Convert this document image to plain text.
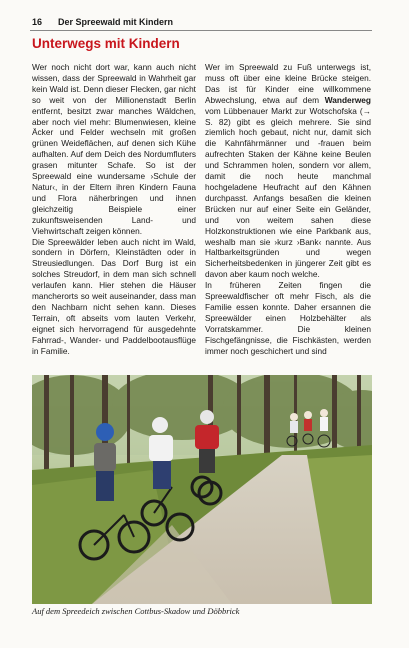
16 Der Spreewald mit Kindern
Unterwegs mit Kindern

Wer noch nicht dort war, kann auch nicht wissen, dass der Spreewald in Wahrheit gar kein Wald ist. Denn dieser Flecken, gar nicht so weit von der Millionenstadt Berlin entfernt, besitzt zwar manches Wäldchen, aber noch viel mehr: Blumenwiesen, kleine Äcker und Felder wechseln mit großen grünen Weideflächen, auf denen sich Kühe aufhalten. Auf dem Deich des Nordumfluters grasen mitunter Schafe. So ist der Spreewald eine wundersame ›Schule der Natur‹, in der Eltern ihren Kindern Fauna und Flora näherbringen und ihnen gleichzeitig Beispiele einer zukunftsweisenden Land- und Viehwirtschaft zeigen können.

Die Spreewälder leben auch nicht im Wald, sondern in Dörfern, Kleinstädten oder in Streusiedlungen. Das Dorf Burg ist ein solches Streudorf, in dem man sich schnell verlaufen kann. Hier stehen die Häuser mancherorts so weit auseinander, dass man den Nachbarn nicht sehen kann. Dieses Terrain, oft abseits vom lauten Verkehr, eignet sich hervorragend für ausgedehnte Fahrrad-, Wander- und Paddelbootausflüge in Familie.

Wer im Spreewald zu Fuß unterwegs ist, muss oft über eine kleine Brücke steigen. Das ist für Kinder eine willkommene Abwechslung, etwa auf dem Wanderweg vom Lübbenauer Markt zur Wotschofska (→ S. 82) gibt es gleich mehrere. Sie sind ziemlich hoch gebaut, nicht nur, damit sich die Kahnfährmänner und -frauen beim aufrechten Staken der Kähne keine Beulen und Schrammen holen, sondern vor allem, damit die noch heute manchmal hochgeladene Heufracht auf den Kähnen durchpasst. Anfangs besaßen die kleinen Brücken nur auf einer Seite ein Geländer, und von weitem sahen diese Holzkonstruktionen wie eine Parkbank aus, weshalb man sie ›kurz ›Bank‹ nannte. Aus Haltbarkeitsgründen und wegen Sicherheitsbedenken in jüngerer Zeit gibt es davon aber kaum noch welche.

In früheren Zeiten fingen die Spreewaldfischer oft mehr Fisch, als die Familie essen konnte. Daher ersannen die Spreewälder einen Holzbehälter als Vorratskammer. Die kleinen Fischgefängnisse, die Fischkästen, werden immer noch geschichert und sind

Auf dem Spreedeich zwischen Cottbus-Skadow und Döbbrick
